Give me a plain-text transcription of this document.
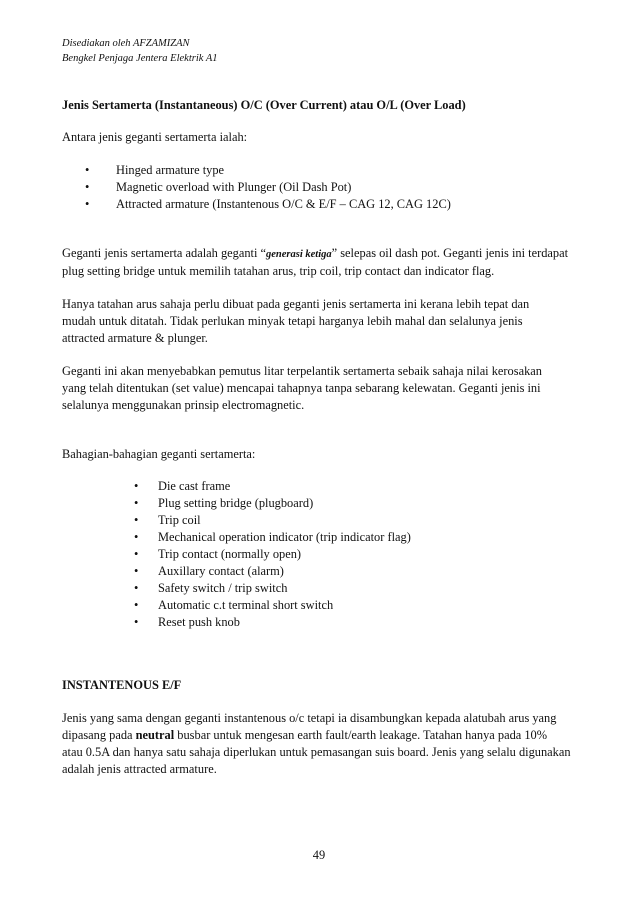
Disediakan oleh AFZAMIZAN
Bengkel Penjaga Jentera Elektrik A1

Jenis Sertamerta (Instantaneous) O/C (Over Current) atau O/L (Over Load)

Antara jenis geganti sertamerta ialah:

• Hinged armature type
• Magnetic overload with Plunger (Oil Dash Pot)
• Attracted armature (Instantenous O/C & E/F – CAG 12, CAG 12C)

Geganti jenis sertamerta adalah geganti “generasi ketiga” selepas oil dash pot. Geganti jenis ini terdapat
plug setting bridge untuk memilih tatahan arus, trip coil, trip contact dan indicator flag.

Hanya tatahan arus sahaja perlu dibuat pada geganti jenis sertamerta ini kerana lebih tepat dan
mudah untuk ditatah. Tidak perlukan minyak tetapi harganya lebih mahal dan selalunya jenis
attracted armature & plunger.

Geganti ini akan menyebabkan pemutus litar terpelantik sertamerta sebaik sahaja nilai kerosakan
yang telah ditentukan (set value) mencapai tahapnya tanpa sebarang kelewatan. Geganti jenis ini
selalunya menggunakan prinsip electromagnetic.

Bahagian-bahagian geganti sertamerta:

• Die cast frame
• Plug setting bridge (plugboard)
• Trip coil
• Mechanical operation indicator (trip indicator flag)
• Trip contact (normally open)
• Auxillary contact (alarm)
• Safety switch / trip switch
• Automatic c.t terminal short switch
• Reset push knob

INSTANTENOUS E/F

Jenis yang sama dengan geganti instantenous o/c tetapi ia disambungkan kepada alatubah arus yang
dipasang pada neutral busbar untuk mengesan earth fault/earth leakage. Tatahan hanya pada 10%
atau 0.5A dan hanya satu sahaja diperlukan untuk pemasangan suis board. Jenis yang selalu digunakan
adalah jenis attracted armature.

49
